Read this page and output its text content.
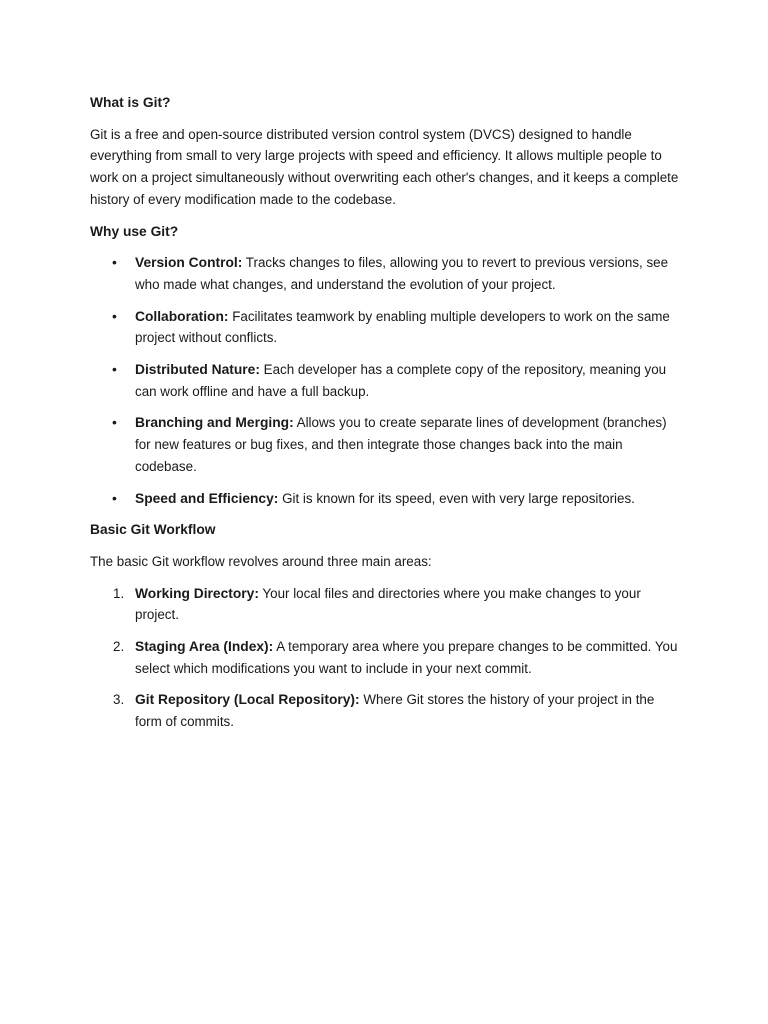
What is Git?

Git is a free and open-source distributed version control system (DVCS) designed to handle everything from small to very large projects with speed and efficiency. It allows multiple people to work on a project simultaneously without overwriting each other's changes, and it keeps a complete history of every modification made to the codebase.

Why use Git?

• Version Control: Tracks changes to files, allowing you to revert to previous versions, see who made what changes, and understand the evolution of your project.
• Collaboration: Facilitates teamwork by enabling multiple developers to work on the same project without conflicts.
• Distributed Nature: Each developer has a complete copy of the repository, meaning you can work offline and have a full backup.
• Branching and Merging: Allows you to create separate lines of development (branches) for new features or bug fixes, and then integrate those changes back into the main codebase.
• Speed and Efficiency: Git is known for its speed, even with very large repositories.

Basic Git Workflow

The basic Git workflow revolves around three main areas:

1. Working Directory: Your local files and directories where you make changes to your project.
2. Staging Area (Index): A temporary area where you prepare changes to be committed. You select which modifications you want to include in your next commit.
3. Git Repository (Local Repository): Where Git stores the history of your project in the form of commits.
